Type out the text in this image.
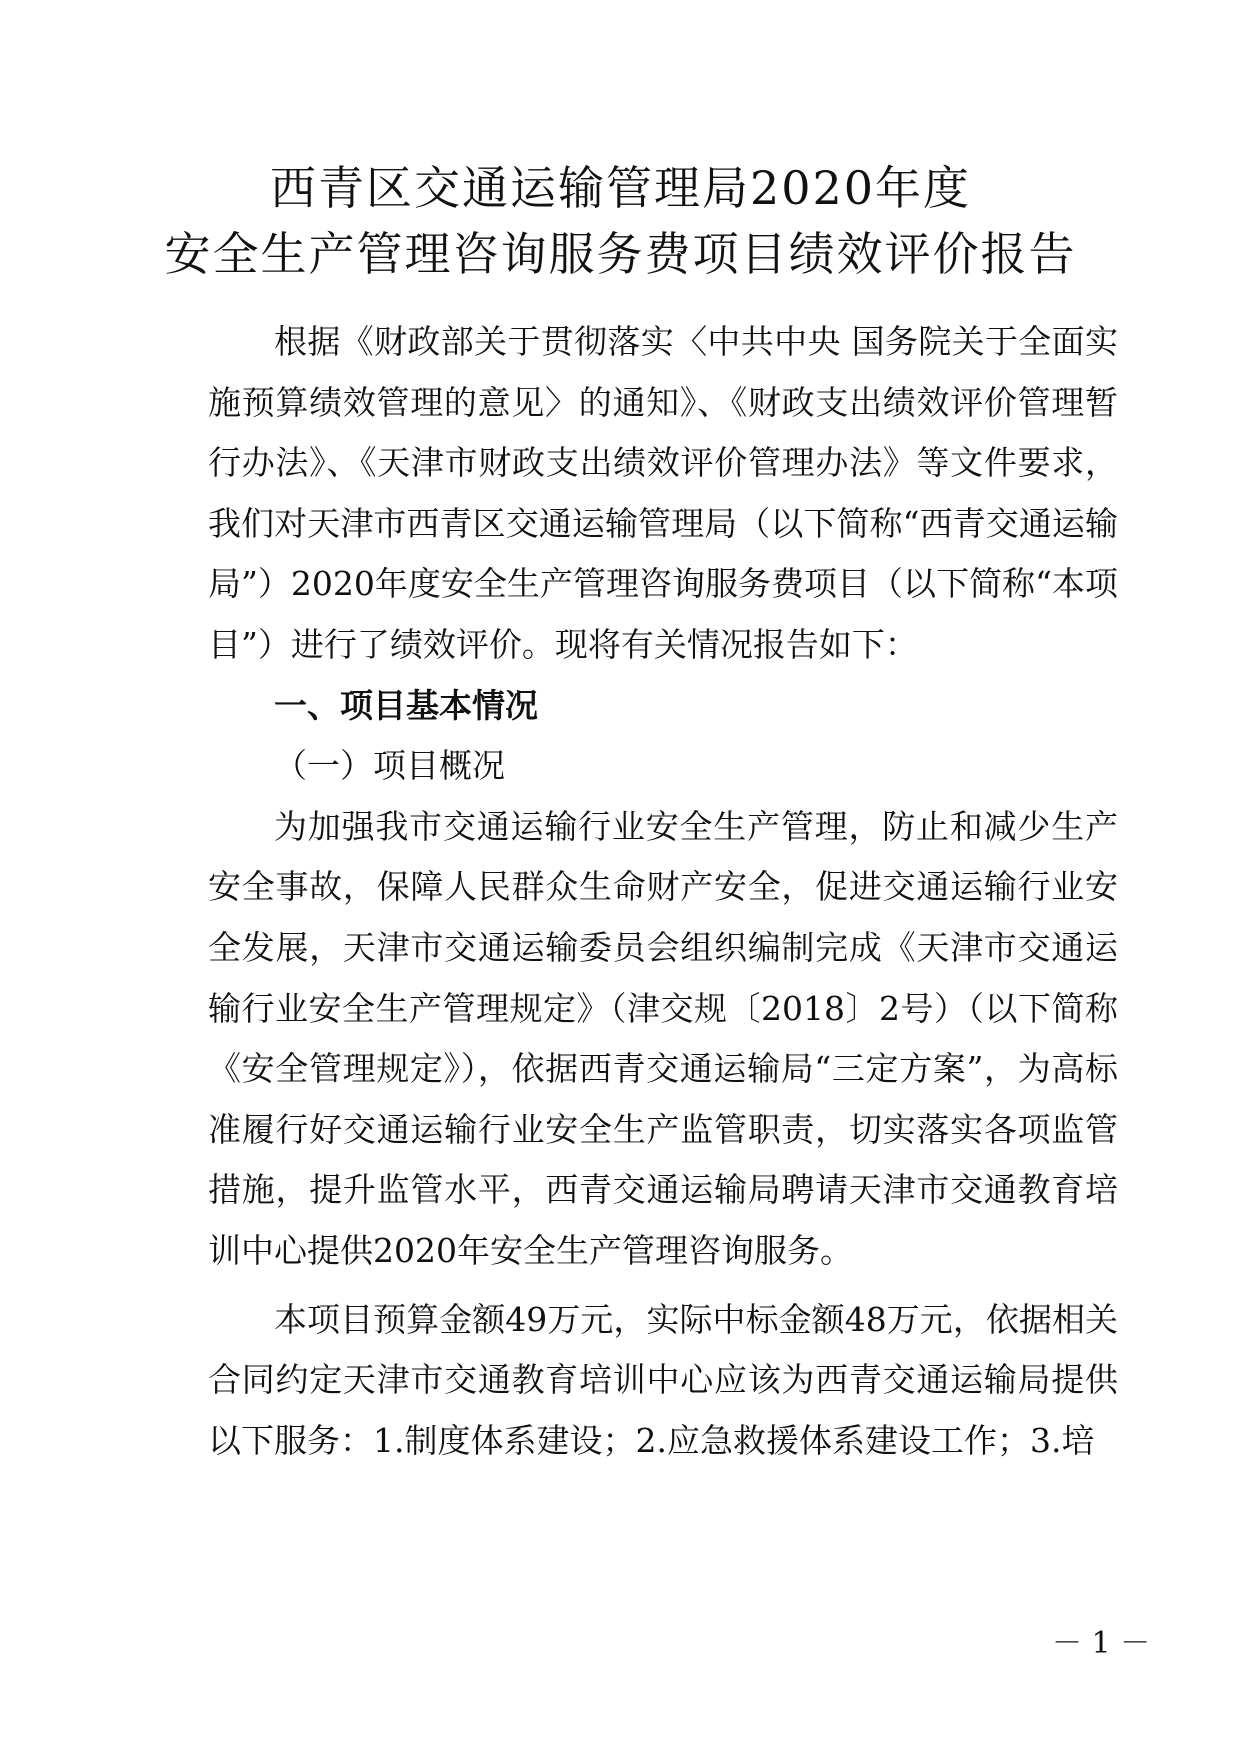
西青区交通运输管理局2020年度
安全生产管理咨询服务费项目绩效评价报告

根据《财政部关于贯彻落实〈中共中央 国务院关于全面实施预算绩效管理的意见〉的通知》、《财政支出绩效评价管理暂行办法》、《天津市财政支出绩效评价管理办法》等文件要求，我们对天津市西青区交通运输管理局（以下简称“西青交通运输局”）2020年度安全生产管理咨询服务费项目（以下简称“本项目”）进行了绩效评价。现将有关情况报告如下：

一、项目基本情况

（一）项目概况

为加强我市交通运输行业安全生产管理，防止和减少生产安全事故，保障人民群众生命财产安全，促进交通运输行业安全发展，天津市交通运输委员会组织编制完成《天津市交通运输行业安全生产管理规定》（津交规〔2018〕2号）（以下简称《安全管理规定》），依据西青交通运输局“三定方案”，为高标准履行好交通运输行业安全生产监管职责，切实落实各项监管措施，提升监管水平，西青交通运输局聘请天津市交通教育培训中心提供2020年安全生产管理咨询服务。

本项目预算金额49万元，实际中标金额48万元，依据相关合同约定天津市交通教育培训中心应该为西青交通运输局提供以下服务：1.制度体系建设；2.应急救援体系建设工作；3.培

－ 1 －
